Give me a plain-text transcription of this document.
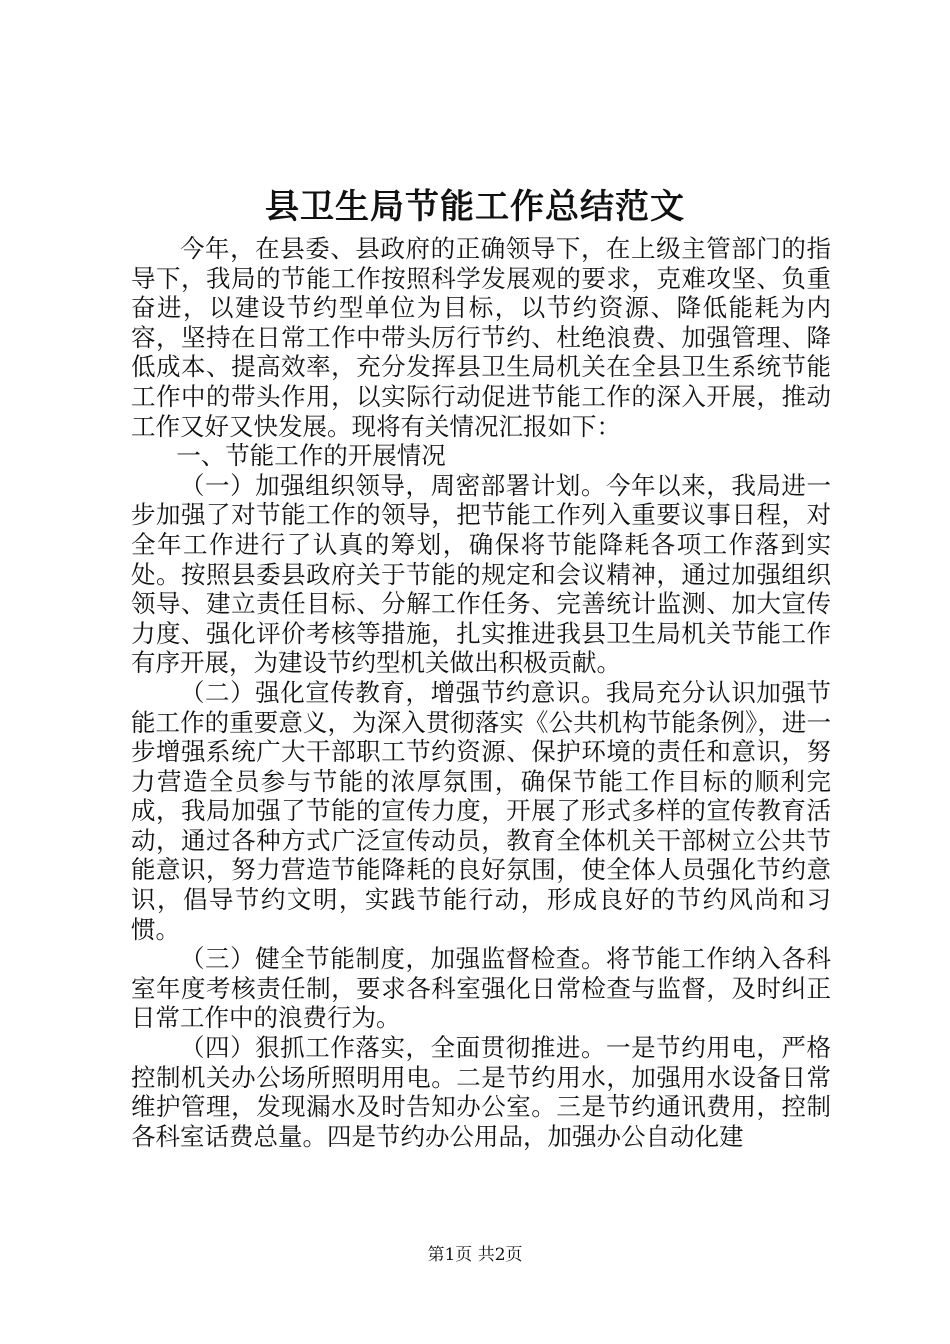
县卫生局节能工作总结范文

今年，在县委、县政府的正确领导下，在上级主管部门的指导下，我局的节能工作按照科学发展观的要求，克难攻坚、负重奋进，以建设节约型单位为目标，以节约资源、降低能耗为内容，坚持在日常工作中带头厉行节约、杜绝浪费、加强管理、降低成本、提高效率，充分发挥县卫生局机关在全县卫生系统节能工作中的带头作用，以实际行动促进节能工作的深入开展，推动工作又好又快发展。现将有关情况汇报如下：

一、节能工作的开展情况

（一）加强组织领导，周密部署计划。今年以来，我局进一步加强了对节能工作的领导，把节能工作列入重要议事日程，对全年工作进行了认真的筹划，确保将节能降耗各项工作落到实处。按照县委县政府关于节能的规定和会议精神，通过加强组织领导、建立责任目标、分解工作任务、完善统计监测、加大宣传力度、强化评价考核等措施，扎实推进我县卫生局机关节能工作有序开展，为建设节约型机关做出积极贡献。

（二）强化宣传教育，增强节约意识。我局充分认识加强节能工作的重要意义，为深入贯彻落实《公共机构节能条例》，进一步增强系统广大干部职工节约资源、保护环境的责任和意识，努力营造全员参与节能的浓厚氛围，确保节能工作目标的顺利完成，我局加强了节能的宣传力度，开展了形式多样的宣传教育活动，通过各种方式广泛宣传动员，教育全体机关干部树立公共节能意识，努力营造节能降耗的良好氛围，使全体人员强化节约意识，倡导节约文明，实践节能行动，形成良好的节约风尚和习惯。

（三）健全节能制度，加强监督检查。将节能工作纳入各科室年度考核责任制，要求各科室强化日常检查与监督，及时纠正日常工作中的浪费行为。

（四）狠抓工作落实，全面贯彻推进。一是节约用电，严格控制机关办公场所照明用电。二是节约用水，加强用水设备日常维护管理，发现漏水及时告知办公室。三是节约通讯费用，控制各科室话费总量。四是节约办公用品，加强办公自动化建

第1页 共2页
